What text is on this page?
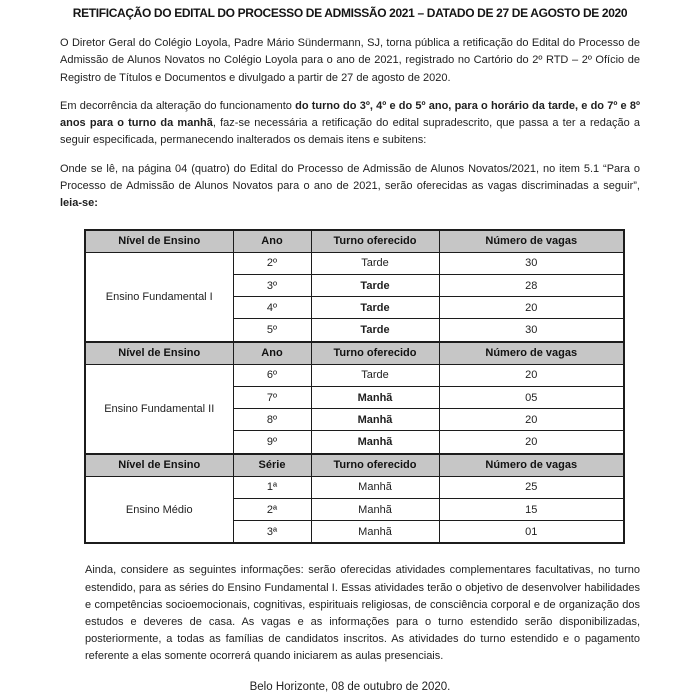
RETIFICAÇÃO DO EDITAL DO PROCESSO DE ADMISSÃO 2021 – DATADO DE 27 DE AGOSTO DE 2020

O Diretor Geral do Colégio Loyola, Padre Mário Sündermann, SJ, torna pública a retificação do Edital do Processo de Admissão de Alunos Novatos no Colégio Loyola para o ano de 2021, registrado no Cartório do 2º RTD – 2º Ofício de Registro de Títulos e Documentos e divulgado a partir de 27 de agosto de 2020.

Em decorrência da alteração do funcionamento do turno do 3º, 4º e do 5º ano, para o horário da tarde, e do 7º e 8º anos para o turno da manhã, faz-se necessária a retificação do edital supradescrito, que passa a ter a redação a seguir especificada, permanecendo inalterados os demais itens e subitens:

Onde se lê, na página 04 (quatro) do Edital do Processo de Admissão de Alunos Novatos/2021, no item 5.1 “Para o Processo de Admissão de Alunos Novatos para o ano de 2021, serão oferecidas as vagas discriminadas a seguir”, leia-se:

Nível de Ensino	Ano	Turno oferecido	Número de vagas
Ensino Fundamental I	2º	Tarde	30
	3º	Tarde	28
	4º	Tarde	20
	5º	Tarde	30
Nível de Ensino	Ano	Turno oferecido	Número de vagas
Ensino Fundamental II	6º	Tarde	20
	7º	Manhã	05
	8º	Manhã	20
	9º	Manhã	20
Nível de Ensino	Série	Turno oferecido	Número de vagas
Ensino Médio	1ª	Manhã	25
	2ª	Manhã	15
	3ª	Manhã	01

Ainda, considere as seguintes informações: serão oferecidas atividades complementares facultativas, no turno estendido, para as séries do Ensino Fundamental I. Essas atividades terão o objetivo de desenvolver habilidades e competências socioemocionais, cognitivas, espirituais religiosas, de consciência corporal e de organização dos estudos e deveres de casa. As vagas e as informações para o turno estendido serão disponibilizadas, posteriormente, a todas as famílias de candidatos inscritos. As atividades do turno estendido e o pagamento referente a elas somente ocorrerá quando iniciarem as aulas presenciais.

Belo Horizonte, 08 de outubro de 2020.
